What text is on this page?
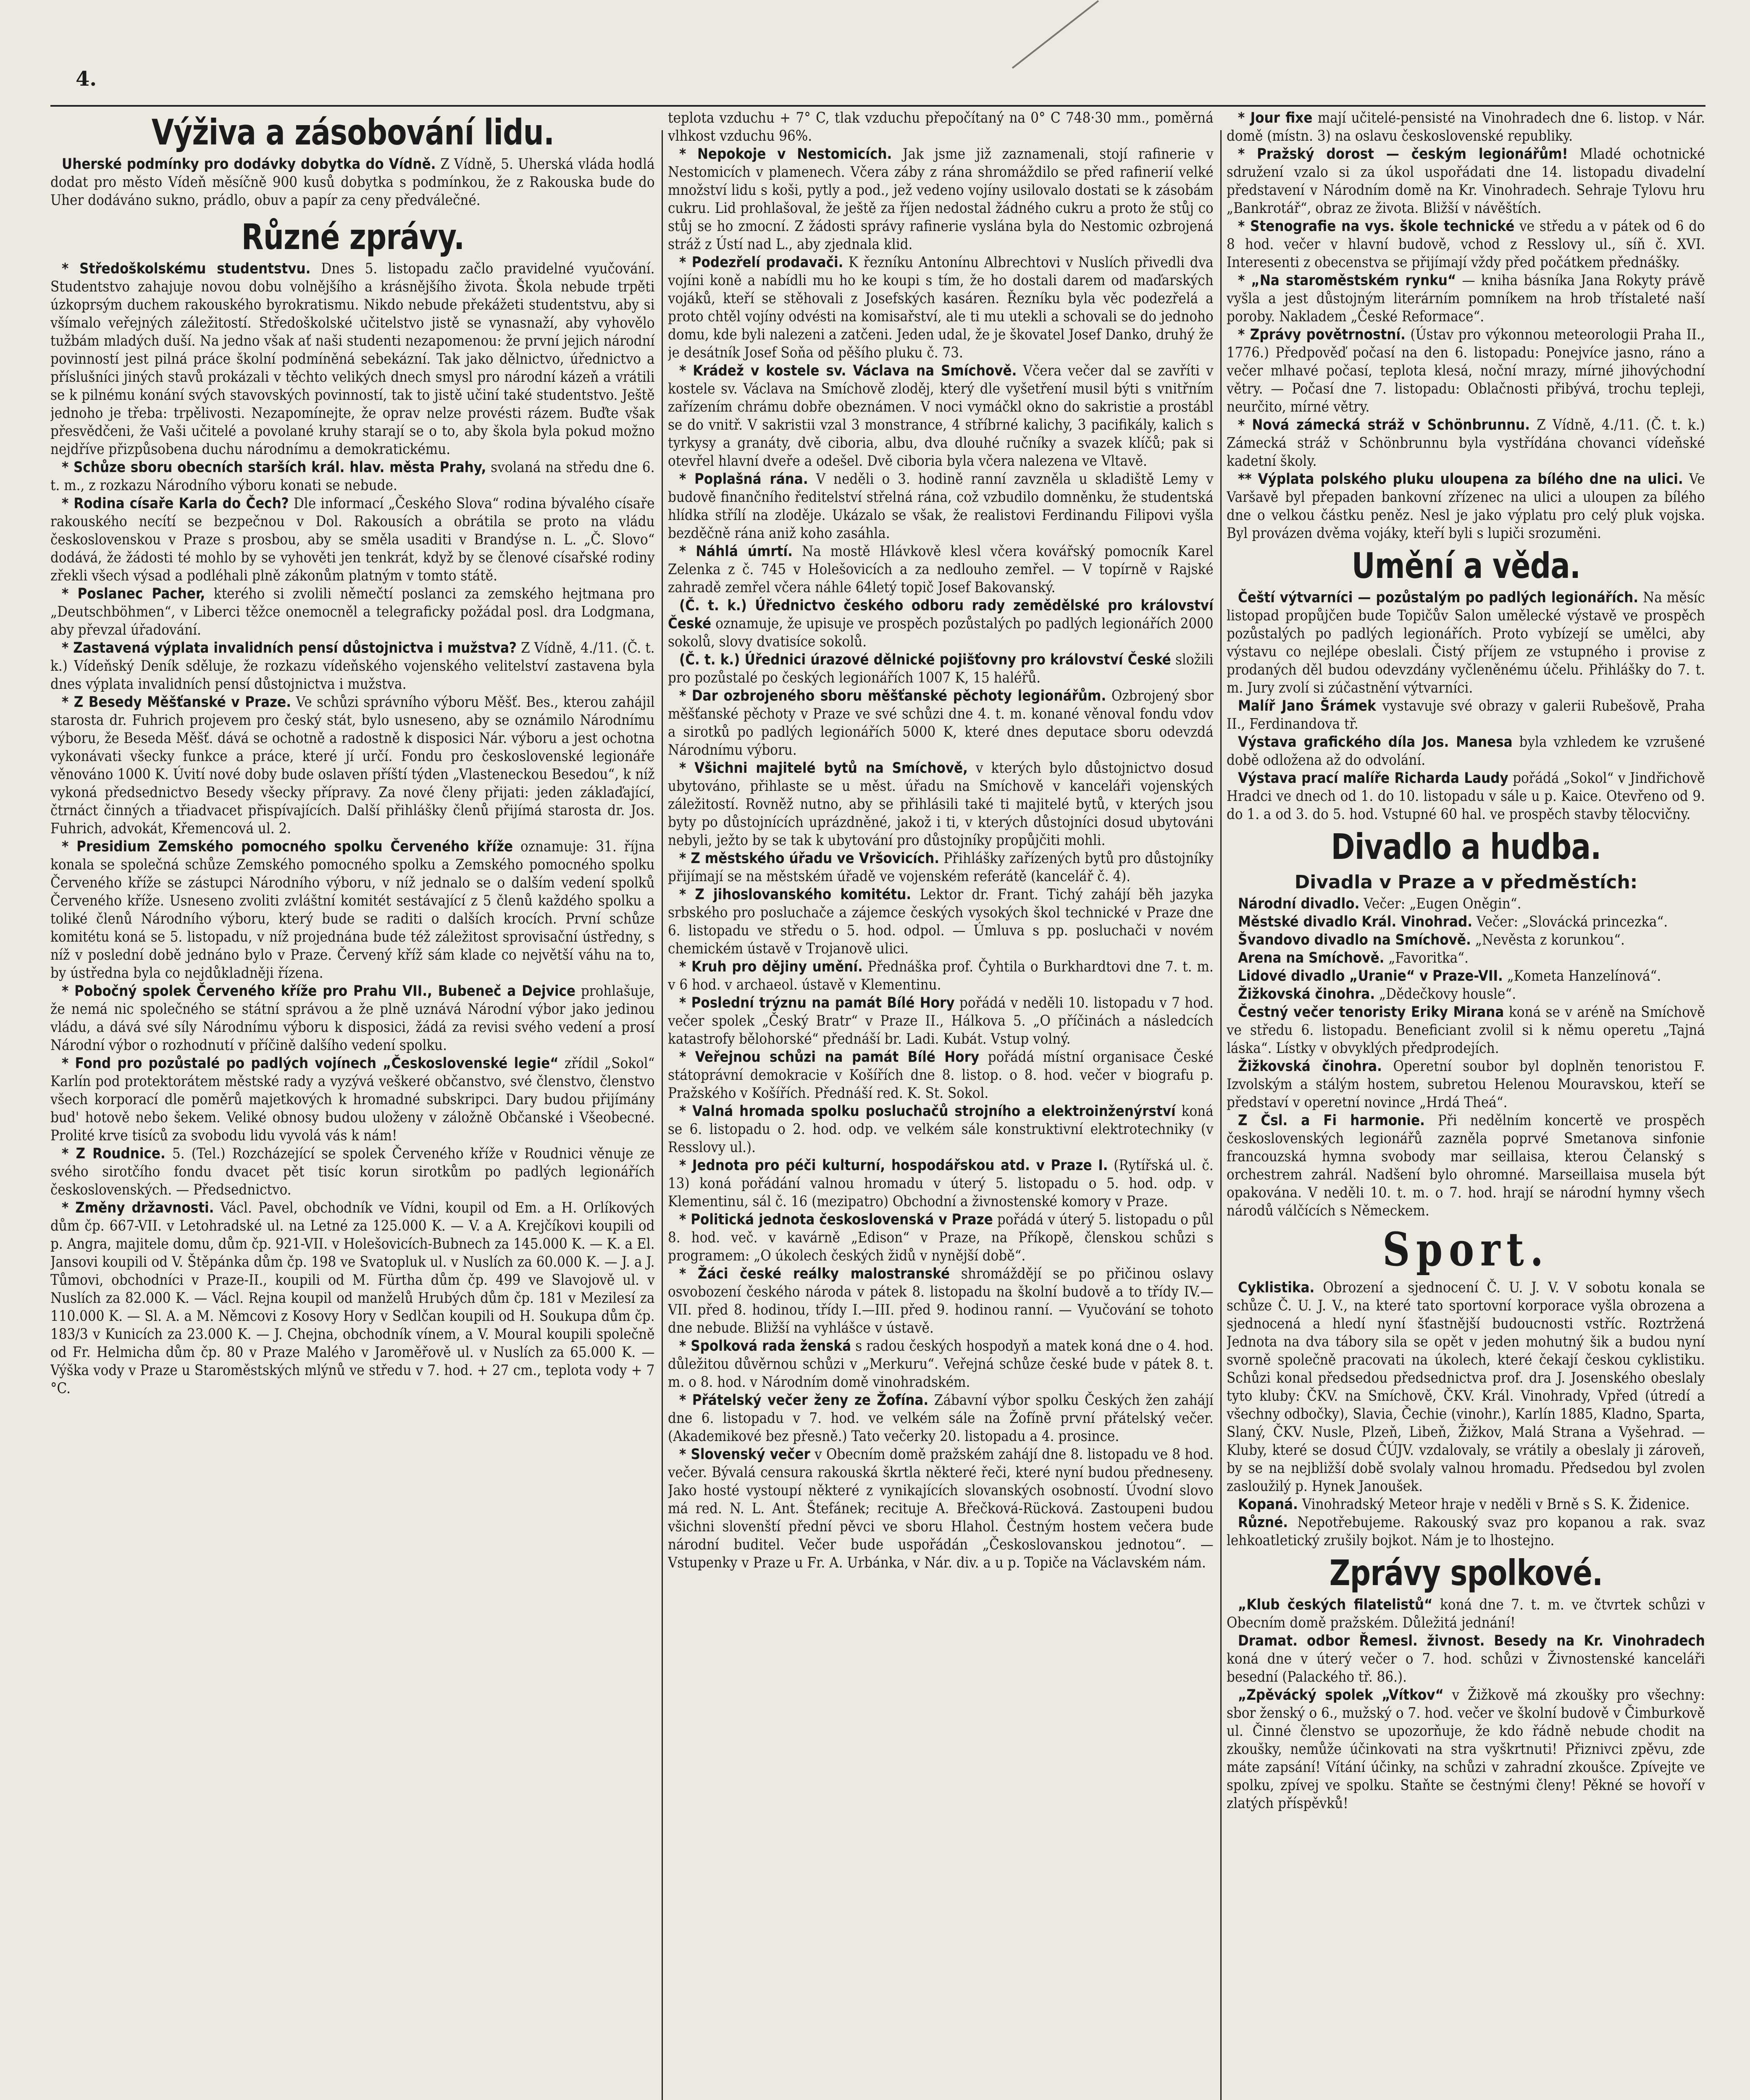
4.
Výživa a zásobování lidu.

Uherské podmínky pro dodávky dobytka do Vídně. Z Vídně, 5. Uherská vláda hodlá dodat pro město Vídeň měsíčně 900 kusů dobytka s podmínkou, že z Rakouska bude do Uher dodáváno sukno, prádlo, obuv a papír za ceny předválečné.

Různé zprávy.

* Středoškolskému studentstvu. Dnes 5. listopadu začlo pravidelné vyučování. Studentstvo zahajuje novou dobu volnějšího a krásnějšího života. Škola nebude trpěti úzkoprsým duchem rakouského byrokratismu. Nikdo nebude překážeti studentstvu, aby si všímalo veřejných záležitostí. Středoškolské učitelstvo jistě se vynasnaží, aby vyhovělo tužbám mladých duší. Na jedno však ať naši studenti nezapomenou: že první jejich národní povinností jest pilná práce školní podmíněná sebekázní. Tak jako dělnictvo, úřednictvo a příslušníci jiných stavů prokázali v těchto velikých dnech smysl pro národní kázeň a vrátili se k pilnému konání svých stavovských povinností, tak to jistě učiní také studentstvo. Ještě jednoho je třeba: trpělivosti. Nezapomínejte, že oprav nelze provésti rázem. Buďte však přesvědčeni, že Vaši učitelé a povolané kruhy starají se o to, aby škola byla pokud možno nejdříve přizpůsobena duchu národnímu a demokratickému.

* Schůze sboru obecních starších král. hlav. města Prahy, svolaná na středu dne 6. t. m., z rozkazu Národního výboru konati se nebude.

* Rodina císaře Karla do Čech? Dle informací „Českého Slova“ rodina bývalého císaře rakouského necítí se bezpečnou v Dol. Rakousích a obrátila se proto na vládu československou v Praze s prosbou, aby se směla usaditi v Brandýse n. L. „Č. Slovo“ dodává, že žádosti té mohlo by se vyhověti jen tenkrát, když by se členové císařské rodiny zřekli všech výsad a podléhali plně zákonům platným v tomto státě.

* Poslanec Pacher, kterého si zvolili němečtí poslanci za zemského hejtmana pro „Deutschböhmen“, v Liberci těžce onemocněl a telegraficky požádal posl. dra Lodgmana, aby převzal úřadování.

* Zastavená výplata invalidních pensí důstojnictva i mužstva? Z Vídně, 4./11. (Č. t. k.) Vídeňský Deník sděluje, že rozkazu vídeňského vojenského velitelství zastavena byla dnes výplata invalidních pensí důstojnictva i mužstva.

* Z Besedy Měšťanské v Praze. Ve schůzi správního výboru Měšť. Bes., kterou zahájil starosta dr. Fuhrich projevem pro český stát, bylo usneseno, aby se oznámilo Národnímu výboru, že Beseda Měšť. dává se ochotně a radostně k disposici Nár. výboru a jest ochotna vykonávati všecky funkce a práce, které jí určí. Fondu pro československé legionáře věnováno 1000 K. Úvití nové doby bude oslaven příští týden „Vlasteneckou Besedou“, k níž vykoná předsednictvo Besedy všecky přípravy. Za nové členy přijati: jeden záklaďající, čtrnáct činných a třiadvacet přispívajících. Další přihlášky členů přijímá starosta dr. Jos. Fuhrich, advokát, Křemencová ul. 2.

* Presidium Zemského pomocného spolku Červeného kříže oznamuje: 31. října konala se společná schůze Zemského pomocného spolku a Zemského pomocného spolku Červeného kříže se zástupci Národního výboru, v níž jednalo se o dalším vedení spolků Červeného kříže. Usneseno zvoliti zvláštní komitét sestávající z 5 členů každého spolku a toliké členů Národního výboru, který bude se raditi o dalších krocích. První schůze komitétu koná se 5. listopadu, v níž projednána bude též záležitost sprovisační ústředny, s níž v poslední době jednáno bylo v Praze. Červený kříž sám klade co největší váhu na to, by ústředna byla co nejdůkladněji řízena.

* Pobočný spolek Červeného kříže pro Prahu VII., Bubeneč a Dejvice prohlašuje, že nemá nic společného se státní správou a že plně uznává Národní výbor jako jedinou vládu, a dává své síly Národnímu výboru k disposici, žádá za revisi svého vedení a prosí Národní výbor o rozhodnutí v příčině dalšího vedení spolku.

* Fond pro pozůstalé po padlých vojínech „Československé legie“ zřídil „Sokol“ Karlín pod protektorátem městské rady a vyzývá veškeré občanstvo, své členstvo, členstvo všech korporací dle poměrů majetkových k hromadné subskripci. Dary budou přijímány bud' hotově nebo šekem. Veliké obnosy budou uloženy v záložně Občanské i Všeobecné. Prolité krve tisíců za svobodu lidu vyvolá vás k nám!

* Z Roudnice. 5. (Tel.) Rozcházející se spolek Červeného kříže v Roudnici věnuje ze svého sirotčího fondu dvacet pět tisíc korun sirotkům po padlých legionářích československých. — Předsednictvo.

* Změny državnosti. Václ. Pavel, obchodník ve Vídni, koupil od Em. a H. Orlíkových dům čp. 667-VII. v Letohradské ul. na Letné za 125.000 K. — V. a A. Krejčíkovi koupili od p. Angra, majitele domu, dům čp. 921-VII. v Holešovicích-Bubnech za 145.000 K. — K. a El. Jansovi koupili od V. Štěpánka dům čp. 198 ve Svatopluk ul. v Nuslích za 60.000 K. — J. a J. Tůmovi, obchodníci v Praze-II., koupili od M. Fürtha dům čp. 499 ve Slavojově ul. v Nuslích za 82.000 K. — Václ. Rejna koupil od manželů Hrubých dům čp. 181 v Mezilesí za 110.000 K. — Sl. A. a M. Němcovi z Kosovy Hory v Sedlčan koupili od H. Soukupa dům čp. 183/3 v Kunicích za 23.000 K. — J. Chejna, obchodník vínem, a V. Moural koupili společně od Fr. Helmicha dům čp. 80 v Praze Malého v Jaroměřově ul. v Nuslích za 65.000 K. — Výška vody v Praze u Staroměstských mlýnů ve středu v 7. hod. + 27 cm., teplota vody + 7 °C.

teplota vzduchu + 7° C, tlak vzduchu přepočítaný na 0° C 748·30 mm., poměrná vlhkost vzduchu 96%.

* Nepokoje v Nestomicích. Jak jsme již zaznamenali, stojí rafinerie v Nestomicích v plamenech. Včera záby z rána shromáždilo se před rafinerií velké množství lidu s koši, pytly a pod., jež vedeno vojíny usilovalo dostati se k zásobám cukru. Lid prohlašoval, že ještě za říjen nedostal žádného cukru a proto že stůj co stůj se ho zmocní. Z žádosti správy rafinerie vyslána byla do Nestomic ozbrojená stráž z Ústí nad L., aby zjednala klid.

* Podezřelí prodavači. K řezníku Antonínu Albrechtovi v Nuslích přivedli dva vojíni koně a nabídli mu ho ke koupi s tím, že ho dostali darem od maďarských vojáků, kteří se stěhovali z Josefských kasáren. Řezníku byla věc podezřelá a proto chtěl vojíny odvésti na komisařství, ale ti mu utekli a schovali se do jednoho domu, kde byli nalezeni a zatčeni. Jeden udal, že je škovatel Josef Danko, druhý že je desátník Josef Soňa od pěšího pluku č. 73.

* Krádež v kostele sv. Václava na Smíchově. Včera večer dal se zavříti v kostele sv. Václava na Smíchově zloděj, který dle vyšetření musil býti s vnitřním zařízením chrámu dobře obeznámen. V noci vymáčkl okno do sakristie a prostábl se do vnitř. V sakristii vzal 3 monstrance, 4 stříbrné kalichy, 3 pacifikály, kalich s tyrkysy a granáty, dvě ciboria, albu, dva dlouhé ručníky a svazek klíčů; pak si otevřel hlavní dveře a odešel. Dvě ciboria byla včera nalezena ve Vltavě.

* Poplašná rána. V neděli o 3. hodině ranní zavzněla u skladiště Lemy v budově finančního ředitelství střelná rána, což vzbudilo domněnku, že studentská hlídka střílí na zloděje. Ukázalo se však, že realistovi Ferdinandu Filipovi vyšla bezděčně rána aniž koho zasáhla.

* Náhlá úmrtí. Na mostě Hlávkově klesl včera kovářský pomocník Karel Zelenka z č. 745 v Holešovicích a za nedlouho zemřel. — V topírně v Rajské zahradě zemřel včera náhle 64letý topič Josef Bakovanský.

(Č. t. k.) Úřednictvo českého odboru rady zemědělské pro království České oznamuje, že upisuje ve prospěch pozůstalých po padlých legionářích 2000 sokolů, slovy dvatisíce sokolů.

(Č. t. k.) Úřednici úrazové dělnické pojišťovny pro království České složili pro pozůstalé po českých legionářích 1007 K, 15 haléřů.

* Dar ozbrojeného sboru měšťanské pěchoty legionářům. Ozbrojený sbor měšťanské pěchoty v Praze ve své schůzi dne 4. t. m. konané věnoval fondu vdov a sirotků po padlých legionářích 5000 K, které dnes deputace sboru odevzdá Národnímu výboru.

* Všichni majitelé bytů na Smíchově, v kterých bylo důstojnictvo dosud ubytováno, přihlaste se u měst. úřadu na Smíchově v kanceláři vojenských záležitostí. Rovněž nutno, aby se přihlásili také ti majitelé bytů, v kterých jsou byty po důstojnících uprázdněné, jakož i ti, v kterých důstojníci dosud ubytováni nebyli, ježto by se tak k ubytování pro důstojníky propůjčiti mohli.

* Z městského úřadu ve Vršovicích. Přihlášky zařízených bytů pro důstojníky přijímají se na městském úřadě ve vojenském referátě (kancelář č. 4).

* Z jihoslovanského komitétu. Lektor dr. Frant. Tichý zahájí běh jazyka srbského pro posluchače a zájemce českých vysokých škol technické v Praze dne 6. listopadu ve středu o 5. hod. odpol. — Úmluva s pp. posluchači v novém chemickém ústavě v Trojanově ulici.

* Kruh pro dějiny umění. Přednáška prof. Čyhtila o Burkhardtovi dne 7. t. m. v 6 hod. v archaeol. ústavě v Klementinu.

* Poslední trýznu na památ Bílé Hory pořádá v neděli 10. listopadu v 7 hod. večer spolek „Český Bratr“ v Praze II., Hálkova 5. „O příčinách a následcích katastrofy bělohorské“ přednáší br. Ladi. Kubát. Vstup volný.

* Veřejnou schůzi na památ Bílé Hory pořádá místní organisace České státoprávní demokracie v Košířích dne 8. listop. o 8. hod. večer v biografu p. Pražského v Košířích. Přednáší red. K. St. Sokol.

* Valná hromada spolku posluchačů strojního a elektroinženýrství koná se 6. listopadu o 2. hod. odp. ve velkém sále konstruktivní elektrotechniky (v Resslovy ul.).

* Jednota pro péči kulturní, hospodářskou atd. v Praze I. (Rytířská ul. č. 13) koná pořádání valnou hromadu v úterý 5. listopadu o 5. hod. odp. v Klementinu, sál č. 16 (mezipatro) Obchodní a živnostenské komory v Praze.

* Politická jednota československá v Praze pořádá v úterý 5. listopadu o půl 8. hod. več. v kavárně „Edison“ v Praze, na Příkopě, členskou schůzi s programem: „O úkolech českých židů v nynější době“.

* Žáci české reálky malostranské shromáždějí se po přičinou oslavy osvobození českého národa v pátek 8. listopadu na školní budově a to třídy IV.—VII. před 8. hodinou, třídy I.—III. před 9. hodinou ranní. — Vyučování se tohoto dne nebude. Bližší na vyhlášce v ústavě.

* Spolková rada ženská s radou českých hospodyň a matek koná dne o 4. hod. důležitou důvěrnou schůzi v „Merkuru“. Veřejná schůze české bude v pátek 8. t. m. o 8. hod. v Národním domě vinohradském.

* Přátelský večer ženy ze Žofína. Zábavní výbor spolku Českých žen zahájí dne 6. listopadu v 7. hod. ve velkém sále na Žofíně první přátelský večer. (Akademikové bez přesně.) Tato večerky 20. listopadu a 4. prosince.

* Slovenský večer v Obecním domě pražském zahájí dne 8. listopadu ve 8 hod. večer. Bývalá censura rakouská škrtla některé řeči, které nyní budou předneseny. Jako hosté vystoupí některé z vynikajících slovanských osobností. Úvodní slovo má red. N. L. Ant. Štefánek; recituje A. Břečková-Rücková. Zastoupeni budou všichni slovenští přední pěvci ve sboru Hlahol. Čestným hostem večera bude národní buditel. Večer bude uspořádán „Českoslovanskou jednotou“. — Vstupenky v Praze u Fr. A. Urbánka, v Nár. div. a u p. Topiče na Václavském nám.

* Jour fixe mají učitelé-pensisté na Vinohradech dne 6. listop. v Nár. domě (místn. 3) na oslavu československé republiky.

* Pražský dorost — českým legionářům! Mladé ochotnické sdružení vzalo si za úkol uspořádati dne 14. listopadu divadelní představení v Národním domě na Kr. Vinohradech. Sehraje Tylovu hru „Bankrotář“, obraz ze života. Bližší v návěštích.

* Stenografie na vys. škole technické ve středu a v pátek od 6 do 8 hod. večer v hlavní budově, vchod z Resslovy ul., síň č. XVI. Interesenti z obecenstva se přijímají vždy před počátkem přednášky.

* „Na staroměstském rynku“ — kniha básníka Jana Rokyty právě vyšla a jest důstojným literárním pomníkem na hrob třístaleté naší poroby. Nakladem „České Reformace“.

* Zprávy povětrnostní. (Ústav pro výkonnou meteorologii Praha II., 1776.) Předpověď počasí na den 6. listopadu: Ponejvíce jasno, ráno a večer mlhavé počasí, teplota klesá, noční mrazy, mírné jihovýchodní větry. — Počasí dne 7. listopadu: Oblačnosti přibývá, trochu tepleji, neurčito, mírné větry.

* Nová zámecká stráž v Schönbrunnu. Z Vídně, 4./11. (Č. t. k.) Zámecká stráž v Schönbrunnu byla vystřídána chovanci vídeňské kadetní školy.

** Výplata polského pluku uloupena za bílého dne na ulici. Ve Varšavě byl přepaden bankovní zřízenec na ulici a uloupen za bílého dne o velkou částku peněz. Nesl je jako výplatu pro celý pluk vojska. Byl provázen dvěma vojáky, kteří byli s lupiči srozuměni.

Umění a věda.

Čeští výtvarníci — pozůstalým po padlých legionářích. Na měsíc listopad propůjčen bude Topičův Salon umělecké výstavě ve prospěch pozůstalých po padlých legionářích. Proto vybízejí se umělci, aby výstavu co nejlépe obeslali. Čistý příjem ze vstupného i provise z prodaných děl budou odevzdány vyčleněnému účelu. Přihlášky do 7. t. m. Jury zvolí si zúčastnění výtvarníci.

Malíř Jano Šrámek vystavuje své obrazy v galerii Rubešově, Praha II., Ferdinandova tř.

Výstava grafického díla Jos. Manesa byla vzhledem ke vzrušené době odložena až do odvolání.

Výstava prací malíře Richarda Laudy pořádá „Sokol“ v Jindřichově Hradci ve dnech od 1. do 10. listopadu v sále u p. Kaice. Otevřeno od 9. do 1. a od 3. do 5. hod. Vstupné 60 hal. ve prospěch stavby tělocvičny.

Divadlo a hudba.
Divadla v Praze a v předměstích:

Národní divadlo. Večer: „Eugen Oněgin“.

Městské divadlo Král. Vinohrad. Večer: „Slovácká princezka“.

Švandovo divadlo na Smíchově. „Nevěsta z korunkou“.

Arena na Smíchově. „Favoritka“.

Lidové divadlo „Uranie“ v Praze-VII. „Kometa Hanzelínová“.

Žižkovská činohra. „Dědečkovy housle“.

Čestný večer tenoristy Eriky Mirana koná se v aréně na Smíchově ve středu 6. listopadu. Beneficiant zvolil si k němu operetu „Tajná láska“. Lístky v obvyklých předprodejích.

Žižkovská činohra. Operetní soubor byl doplněn tenoristou F. Izvolským a stálým hostem, subretou Helenou Mouravskou, kteří se představí v operetní novince „Hrdá Theá“.

Z Čsl. a Fi harmonie. Při nedělním koncertě ve prospěch československých legionářů zazněla poprvé Smetanova sinfonie francouzská hymna svobody mar seillaisa, kterou Čelanský s orchestrem zahrál. Nadšení bylo ohromné. Marseillaisa musela být opakována. V neděli 10. t. m. o 7. hod. hrají se národní hymny všech národů válčících s Německem.

Sport.

Cyklistika. Obrození a sjednocení Č. U. J. V. V sobotu konala se schůze Č. U. J. V., na které tato sportovní korporace vyšla obrozena a sjednocená a hledí nyní šťastnější budoucnosti vstříc. Roztržená Jednota na dva tábory sila se opět v jeden mohutný šik a budou nyní svorně společně pracovati na úkolech, které čekají českou cyklistiku. Schůzi konal předsedou předsednictva prof. dra J. Josenského obeslaly tyto kluby: ČKV. na Smíchově, ČKV. Král. Vinohrady, Vpřed (útredí a všechny odbočky), Slavia, Čechie (vinohr.), Karlín 1885, Kladno, Sparta, Slaný, ČKV. Nusle, Plzeň, Libeň, Žižkov, Malá Strana a Vyšehrad. — Kluby, které se dosud ČÚJV. vzdalovaly, se vrátily a obeslaly ji zároveň, by se na nejbližší době svolaly valnou hromadu. Předsedou byl zvolen zasloužilý p. Hynek Janoušek.

Kopaná. Vinohradský Meteor hraje v neděli v Brně s S. K. Židenice.

Různé. Nepotřebujeme. Rakouský svaz pro kopanou a rak. svaz lehkoatletický zrušily bojkot. Nám je to lhostejno.

Zprávy spolkové.

„Klub českých filatelistů“ koná dne 7. t. m. ve čtvrtek schůzi v Obecním domě pražském. Důležitá jednání!

Dramat. odbor Řemesl. živnost. Besedy na Kr. Vinohradech koná dne v úterý večer o 7. hod. schůzi v Živnostenské kanceláři besední (Palackého tř. 86.).

„Zpěvácký spolek „Vítkov“ v Žižkově má zkoušky pro všechny: sbor ženský o 6., mužský o 7. hod. večer ve školní budově v Čimburkově ul. Činné členstvo se upozorňuje, že kdo řádně nebude chodit na zkoušky, nemůže účinkovati na stra vyškrtnuti! Přiznivci zpěvu, zde máte zapsání! Vítání účinky, na schůzi v zahradní zkoušce. Zpívejte ve spolku, zpívej ve spolku. Staňte se čestnými členy! Pěkné se hovoří v zlatých příspěvků!
